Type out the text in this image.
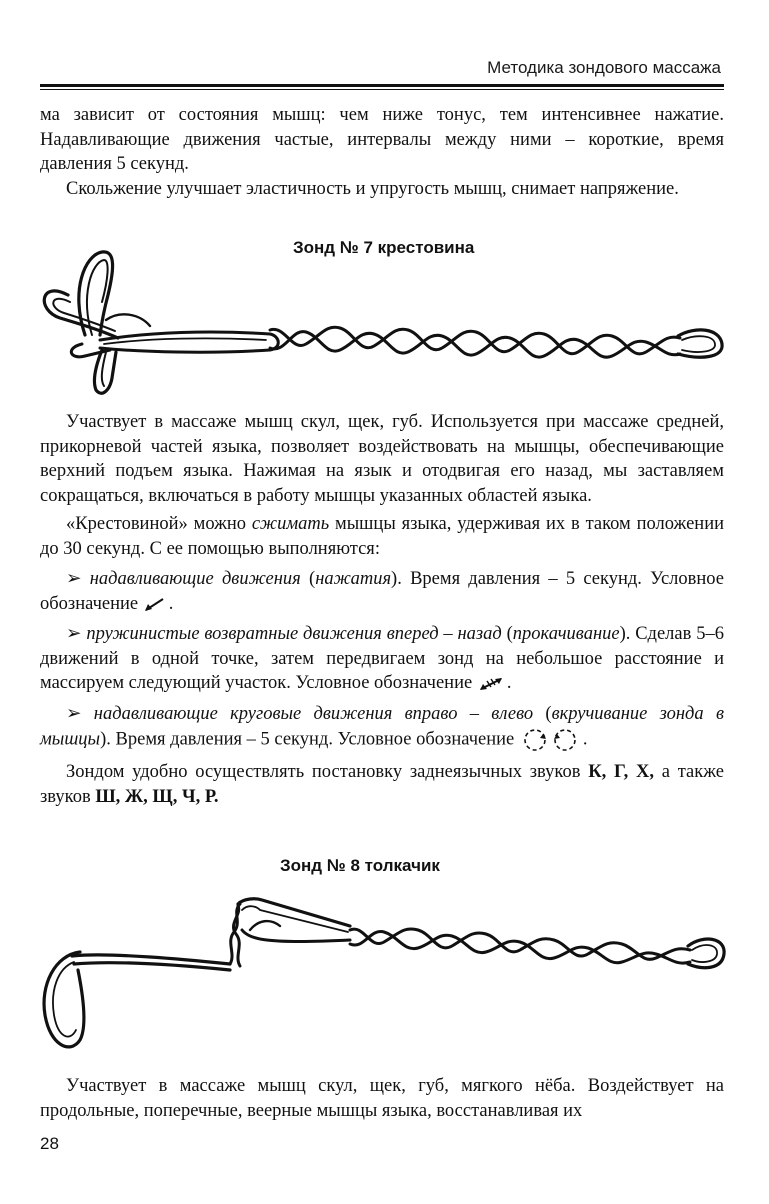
Методика зондового массажа

ма зависит от состояния мышц: чем ниже тонус, тем интенсивнее нажатие. Надавливающие движения частые, интервалы между ними – короткие, время давления 5 секунд.

Скольжение улучшает эластичность и упругость мышц, снимает напряжение.

Зонд № 7 крестовина

Участвует в массаже мышц скул, щек, губ. Используется при массаже средней, прикорневой частей языка, позволяет воздействовать на мышцы, обеспечивающие верхний подъем языка. Нажимая на язык и отодвигая его назад, мы заставляем сокращаться, включаться в работу мышцы указанных областей языка.

«Крестовиной» можно сжимать мышцы языка, удерживая их в таком положении до 30 секунд. С ее помощью выполняются:

➢ надавливающие движения (нажатия). Время давления – 5 секунд. Условное обозначение .

➢ пружинистые возвратные движения вперед – назад (прокачивание). Сделав 5–6 движений в одной точке, затем передвигаем зонд на небольшое расстояние и массируем следующий участок. Условное обозначение .

➢ надавливающие круговые движения вправо – влево (вкручивание зонда в мышцы). Время давления – 5 секунд. Условное обозначение	.

Зондом удобно осуществлять постановку заднеязычных звуков К, Г, Х, а также звуков Ш, Ж, Щ, Ч, Р.

Зонд № 8 толкачик

Участвует в массаже мышц скул, щек, губ, мягкого нёба. Воздействует на продольные, поперечные, веерные мышцы языка, восстанавливая их

28
